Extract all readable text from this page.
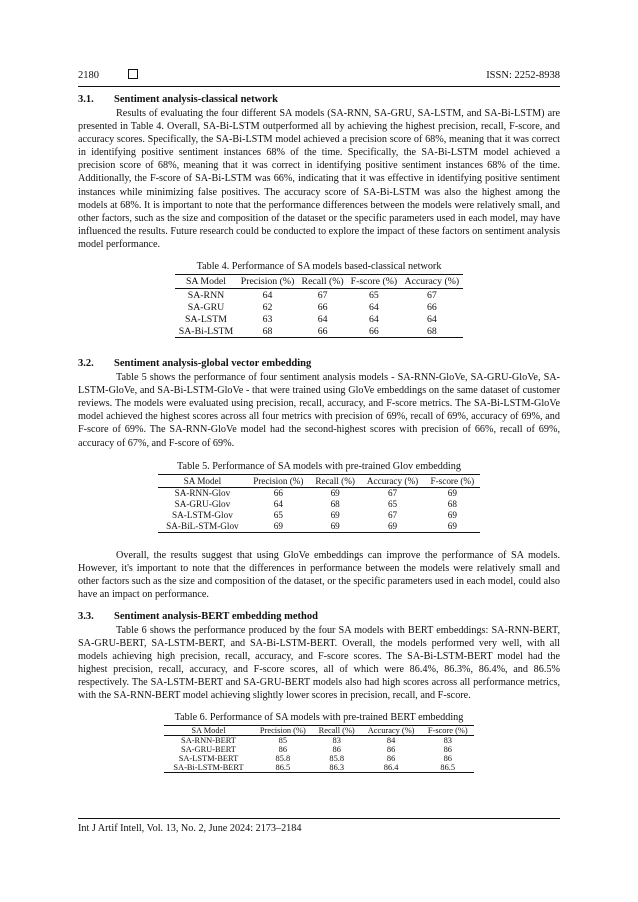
2180	ISSN: 2252-8938
3.1. Sentiment analysis-classical network

Results of evaluating the four different SA models (SA-RNN, SA-GRU, SA-LSTM, and SA-Bi-LSTM) are presented in Table 4. Overall, SA-Bi-LSTM outperformed all by achieving the highest precision, recall, F-score, and accuracy scores. Specifically, the SA-Bi-LSTM model achieved a precision score of 68%, meaning that it was correct in identifying positive sentiment instances 68% of the time. Specifically, the SA-Bi-LSTM model achieved a precision score of 68%, meaning that it was correct in identifying positive sentiment instances 68% of the time. Additionally, the F-score of SA-Bi-LSTM was 66%, indicating that it was effective in identifying positive sentiment instances while minimizing false positives. The accuracy score of SA-Bi-LSTM was also the highest among the models at 68%. It is important to note that the performance differences between the models were relatively small, and other factors, such as the size and composition of the dataset or the specific parameters used in each model, may have influenced the results. Future research could be conducted to explore the impact of these factors on sentiment analysis model performance.

Table 4. Performance of SA models based-classical network
SA Model	Precision (%)	Recall (%)	F-score (%)	Accuracy (%)
SA-RNN	64	67	65	67
SA-GRU	62	66	64	66
SA-LSTM	63	64	64	64
SA-Bi-LSTM	68	66	66	68
3.2. Sentiment analysis-global vector embedding

Table 5 shows the performance of four sentiment analysis models - SA-RNN-GloVe, SA-GRU-GloVe, SA-LSTM-GloVe, and SA-Bi-LSTM-GloVe - that were trained using GloVe embeddings on the same dataset of customer reviews. The models were evaluated using precision, recall, accuracy, and F-score metrics. The SA-Bi-LSTM-GloVe model achieved the highest scores across all four metrics with precision of 69%, recall of 69%, accuracy of 69%, and F-score of 69%. The SA-RNN-GloVe model had the second-highest scores with precision of 66%, recall of 69%, accuracy of 67%, and F-score of 69%.

Table 5. Performance of SA models with pre-trained Glov embedding
SA Model	Precision (%)	Recall (%)	Accuracy (%)	F-score (%)
SA-RNN-Glov	66	69	67	69
SA-GRU-Glov	64	68	65	68
SA-LSTM-Glov	65	69	67	69
SA-BiL-STM-Glov	69	69	69	69

Overall, the results suggest that using GloVe embeddings can improve the performance of SA models. However, it's important to note that the differences in performance between the models were relatively small and other factors such as the size and composition of the dataset, or the specific parameters used in each model, could also have an impact on performance.

3.3. Sentiment analysis-BERT embedding method

Table 6 shows the performance produced by the four SA models with BERT embeddings: SA-RNN-BERT, SA-GRU-BERT, SA-LSTM-BERT, and SA-Bi-LSTM-BERT. Overall, the models performed very well, with all models achieving high precision, recall, accuracy, and F-score scores. The SA-Bi-LSTM-BERT model had the highest precision, recall, accuracy, and F-score scores, all of which were 86.4%, 86.3%, 86.4%, and 86.5% respectively. The SA-LSTM-BERT and SA-GRU-BERT models also had high scores across all performance metrics, with the SA-RNN-BERT model achieving slightly lower scores in precision, recall, and F-score.

Table 6. Performance of SA models with pre-trained BERT embedding
SA Model	Precision (%)	Recall (%)	Accuracy (%)	F-score (%)
SA-RNN-BERT	85	83	84	83
SA-GRU-BERT	86	86	86	86
SA-LSTM-BERT	85.8	85.8	86	86
SA-Bi-LSTM-BERT	86.5	86.3	86.4	86.5
Int J Artif Intell, Vol. 13, No. 2, June 2024: 2173–2184
